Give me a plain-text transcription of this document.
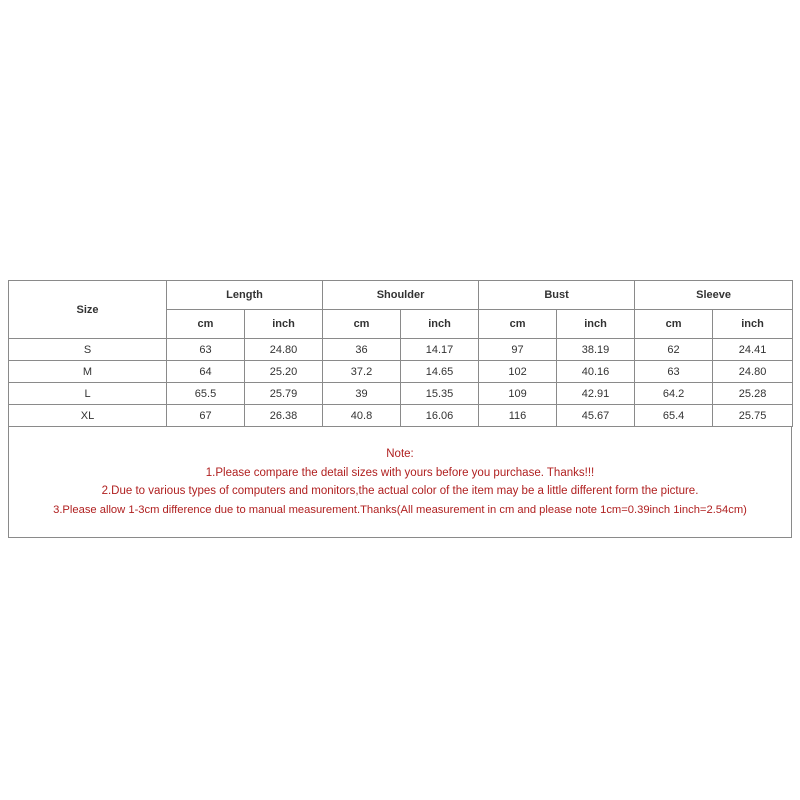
Size	Length		Shoulder		Bust		Sleeve	
	cm	inch	cm	inch	cm	inch	cm	inch
S	63	24.80	36	14.17	97	38.19	62	24.41
M	64	25.20	37.2	14.65	102	40.16	63	24.80
L	65.5	25.79	39	15.35	109	42.91	64.2	25.28
XL	67	26.38	40.8	16.06	116	45.67	65.4	25.75
Note:
1.Please compare the detail sizes with yours before you purchase. Thanks!!!
2.Due to various types of computers and monitors,the actual color of the item may be a little different form the picture.
3.Please allow 1-3cm difference due to manual measurement.Thanks(All measurement in cm and please note 1cm=0.39inch 1inch=2.54cm)
